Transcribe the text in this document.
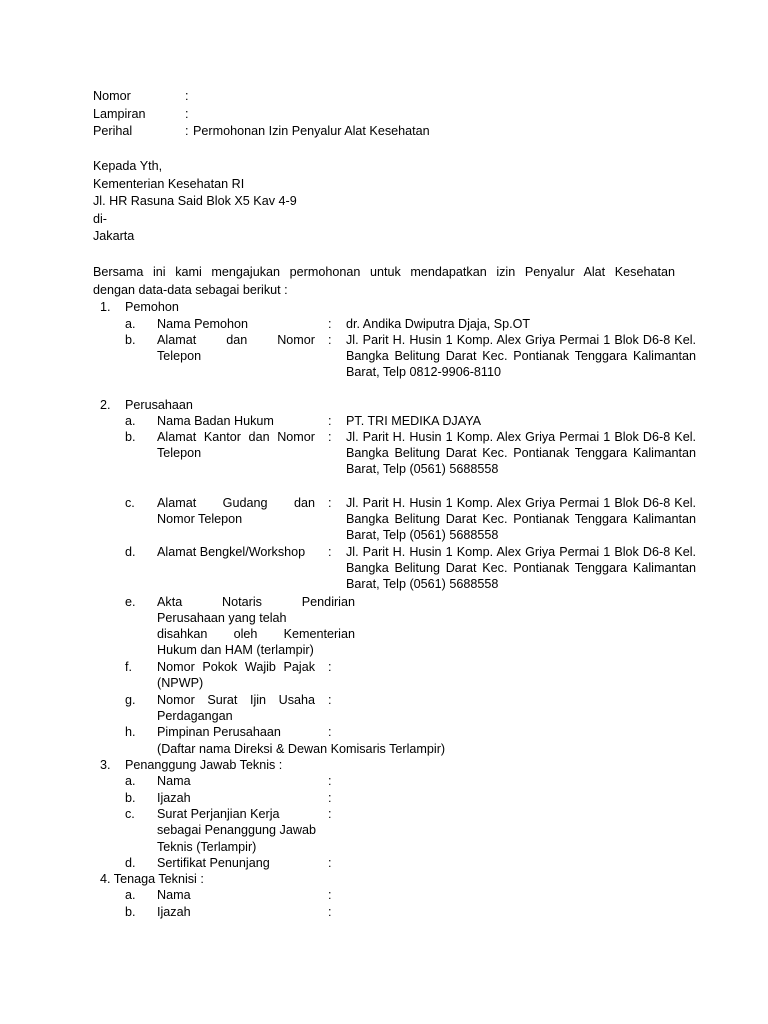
Nomor	:
Lampiran	:
Perihal	: Permohonan Izin Penyalur Alat Kesehatan
Kepada Yth,
Kementerian Kesehatan RI
Jl. HR Rasuna Said Blok X5 Kav 4-9
di-
Jakarta
Bersama ini kami mengajukan permohonan untuk mendapatkan izin Penyalur Alat Kesehatan
dengan data-data sebagai berikut :
1. Pemohon
a. Nama Pemohon	: dr. Andika Dwiputra Djaja, Sp.OT
b. Alamat dan Nomor
Telepon
: Jl. Parit H. Husin 1 Komp. Alex Griya Permai 1 Blok D6-8 Kel.
Bangka Belitung Darat Kec. Pontianak Tenggara Kalimantan
Barat, Telp 0812-9906-8110
2. Perusahaan
a. Nama Badan Hukum	: PT. TRI MEDIKA DJAYA
b. Alamat Kantor dan Nomor
Telepon
: Jl. Parit H. Husin 1 Komp. Alex Griya Permai 1 Blok D6-8 Kel.
Bangka Belitung Darat Kec. Pontianak Tenggara Kalimantan
Barat, Telp (0561) 5688558
c. Alamat Gudang dan
Nomor Telepon
: Jl. Parit H. Husin 1 Komp. Alex Griya Permai 1 Blok D6-8 Kel.
Bangka Belitung Darat Kec. Pontianak Tenggara Kalimantan
Barat, Telp (0561) 5688558
d. Alamat Bengkel/Workshop : Jl. Parit H. Husin 1 Komp. Alex Griya Permai 1 Blok D6-8 Kel.
Bangka Belitung Darat Kec. Pontianak Tenggara Kalimantan
Barat, Telp (0561) 5688558
e. Akta Notaris Pendirian
Perusahaan yang telah
disahkan oleh Kementerian
Hukum dan HAM (terlampir)
f. Nomor Pokok Wajib Pajak
(NPWP)
:
g. Nomor Surat Ijin Usaha
Perdagangan
:
h. Pimpinan Perusahaan	:
(Daftar nama Direksi & Dewan Komisaris Terlampir)
3. Penanggung Jawab Teknis :
a. Nama	:
b. Ijazah	:
c. Surat Perjanjian Kerja
sebagai Penanggung Jawab
Teknis (Terlampir)
:
d. Sertifikat Penunjang	:
4. Tenaga Teknisi :
a. Nama	:
b. Ijazah	:
